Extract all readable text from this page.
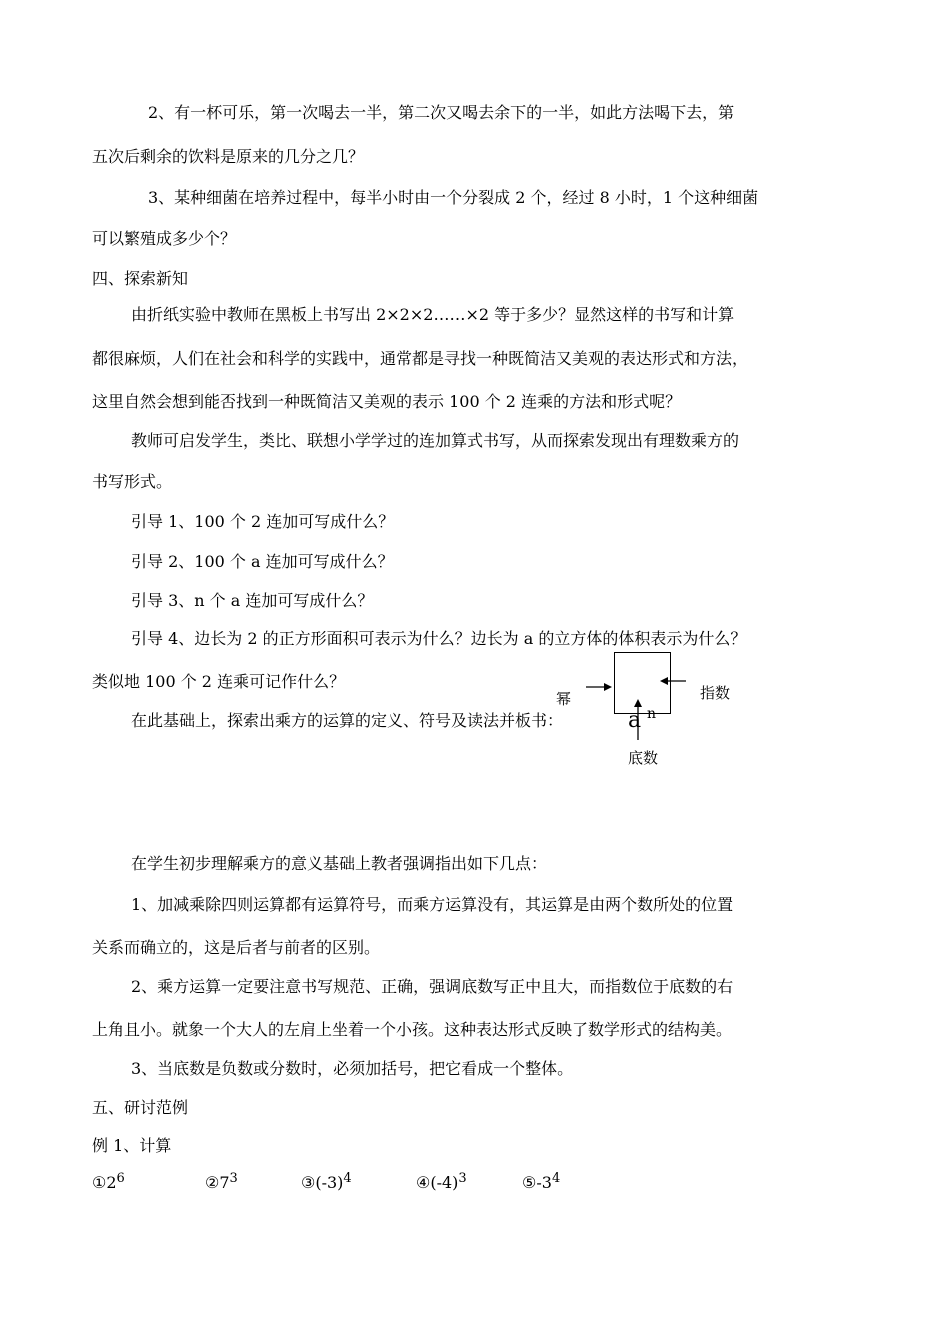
2、有一杯可乐，第一次喝去一半，第二次又喝去余下的一半，如此方法喝下去，第
五次后剩余的饮料是原来的几分之几？
3、某种细菌在培养过程中，每半小时由一个分裂成 2 个，经过 8 小时，1 个这种细菌
可以繁殖成多少个？
四、探索新知
由折纸实验中教师在黑板上书写出 2×2×2……×2 等于多少？显然这样的书写和计算
都很麻烦，人们在社会和科学的实践中，通常都是寻找一种既简洁又美观的表达形式和方法，
这里自然会想到能否找到一种既简洁又美观的表示 100 个 2 连乘的方法和形式呢？
教师可启发学生，类比、联想小学学过的连加算式书写，从而探索发现出有理数乘方的
书写形式。
引导 1、100 个 2 连加可写成什么？
引导 2、100 个 a 连加可写成什么？
引导 3、n 个 a 连加可写成什么？
引导 4、边长为 2 的正方形面积可表示为什么？边长为 a 的立方体的体积表示为什么？
类似地 100 个 2 连乘可记作什么？
在此基础上，探索出乘方的运算的定义、符号及读法并板书：
幂	指数
底数
a n
在学生初步理解乘方的意义基础上教者强调指出如下几点：
1、加减乘除四则运算都有运算符号，而乘方运算没有，其运算是由两个数所处的位置
关系而确立的，这是后者与前者的区别。
2、乘方运算一定要注意书写规范、正确，强调底数写正中且大，而指数位于底数的右
上角且小。就象一个大人的左肩上坐着一个小孩。这种表达形式反映了数学形式的结构美。
3、当底数是负数或分数时，必须加括号，把它看成一个整体。
五、研讨范例
例 1、计算
$①2^6$	$②7^3$	$③(-3)^4$	$④(-4)^3$	$⑤-3^4$
